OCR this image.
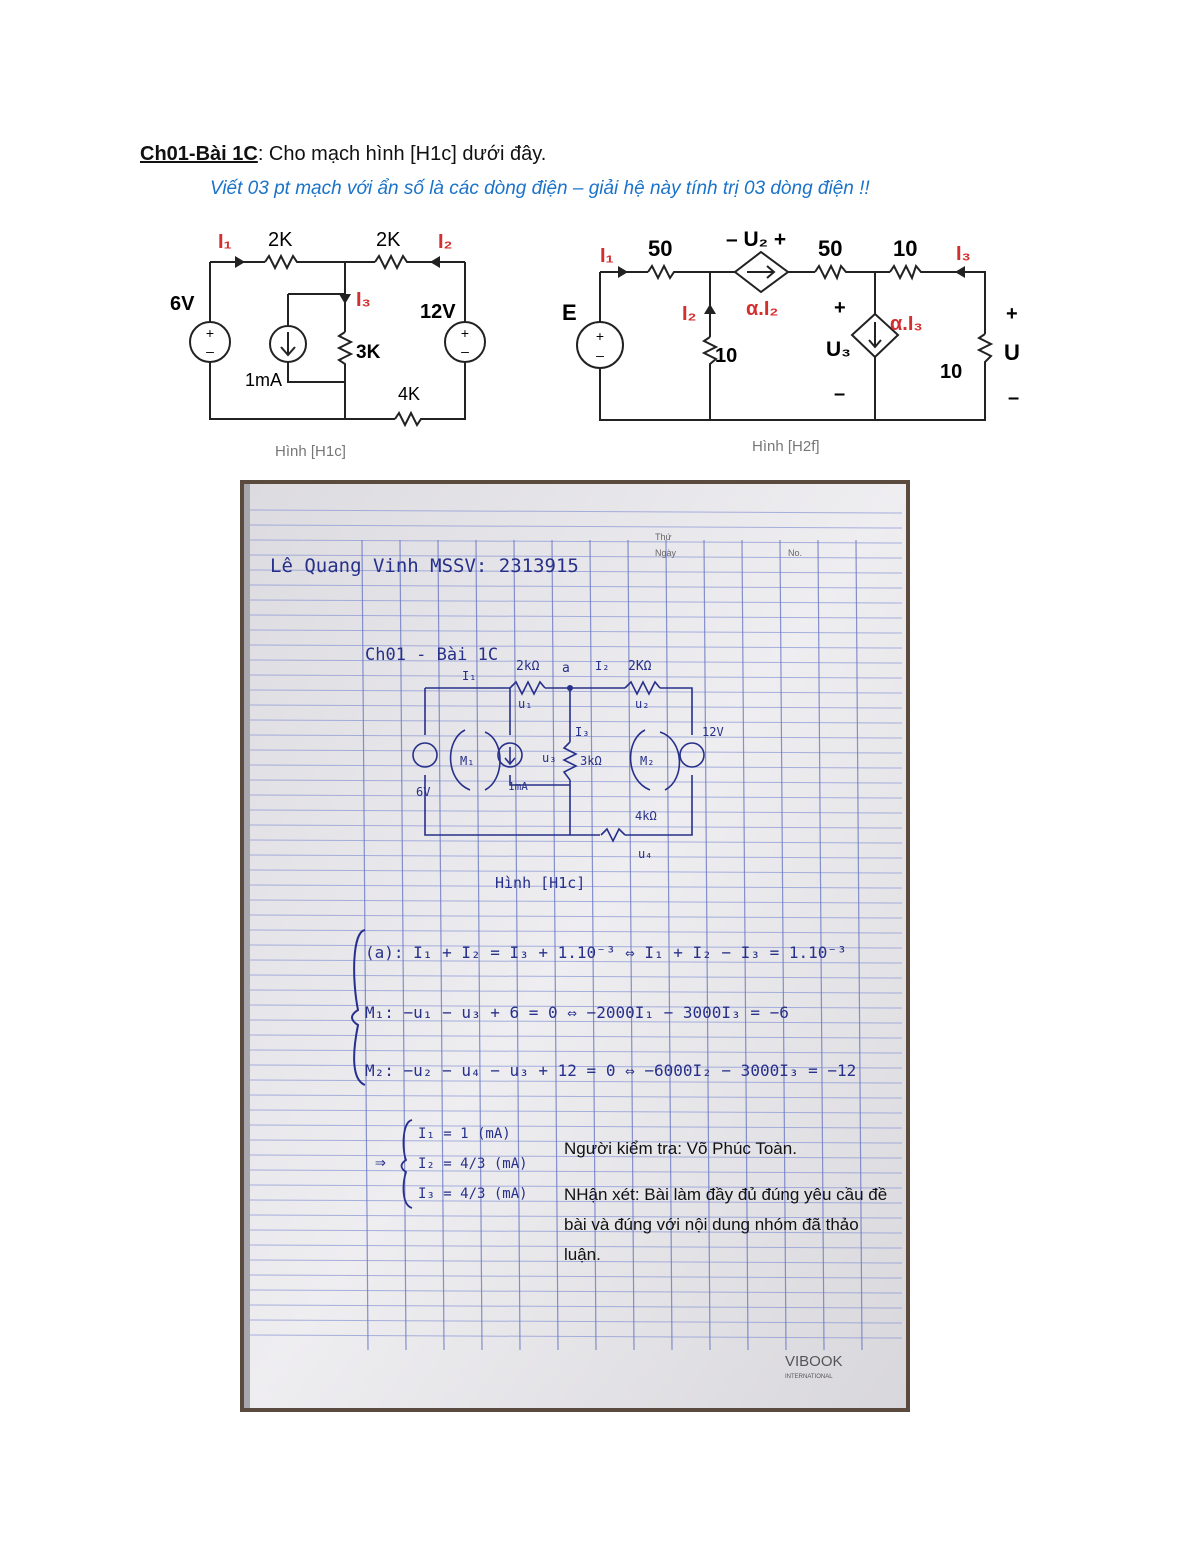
Ch01-Bài 1C: Cho mạch hình [H1c] dưới đây.
Viết 03 pt mạch với ẩn số là các dòng điện – giải hệ này tính trị 03 dòng điện !!
+
–
+
–
I₁ 2K	2K I₂
6V	I₃
12V
3K
1mA
4K
Hình [H1c]
+
–
I₁ 50	– U₂ + 50 10 I₃
E	I₂ α.I₂	+
α.I₃	+
10	U₃	U
10
–	–
Hình [H2f]
Thứ
Ngày	No.
Lê Quang Vinh MSSV: 2313915
Ch01 - Bài 1C
2kΩ a	2KΩ
I₁
I₂
u₁	u₂
I₃
u₃ 3kΩ
M₁	M₂
6V	1mA
12V
4kΩ
u₄
Hình [H1c]
(a): I₁ + I₂ = I₃ + 1.10⁻³ ⇔ I₁ + I₂ − I₃ = 1.10⁻³
M₁: −u₁ − u₃ + 6 = 0 ⇔ −2000I₁ − 3000I₃ = −6
M₂: −u₂ − u₄ − u₃ + 12 = 0 ⇔ −6000I₂ − 3000I₃ = −12
⇒
I₁ = 1 (mA)
I₂ = 4/3 (mA)
I₃ = 4/3 (mA)
VIBOOK
INTERNATIONAL

Người kiểm tra: Võ Phúc Toàn.

NHận xét: Bài làm đầy đủ đúng yêu cầu đề bài và đúng với nội dung nhóm đã thảo luận.
